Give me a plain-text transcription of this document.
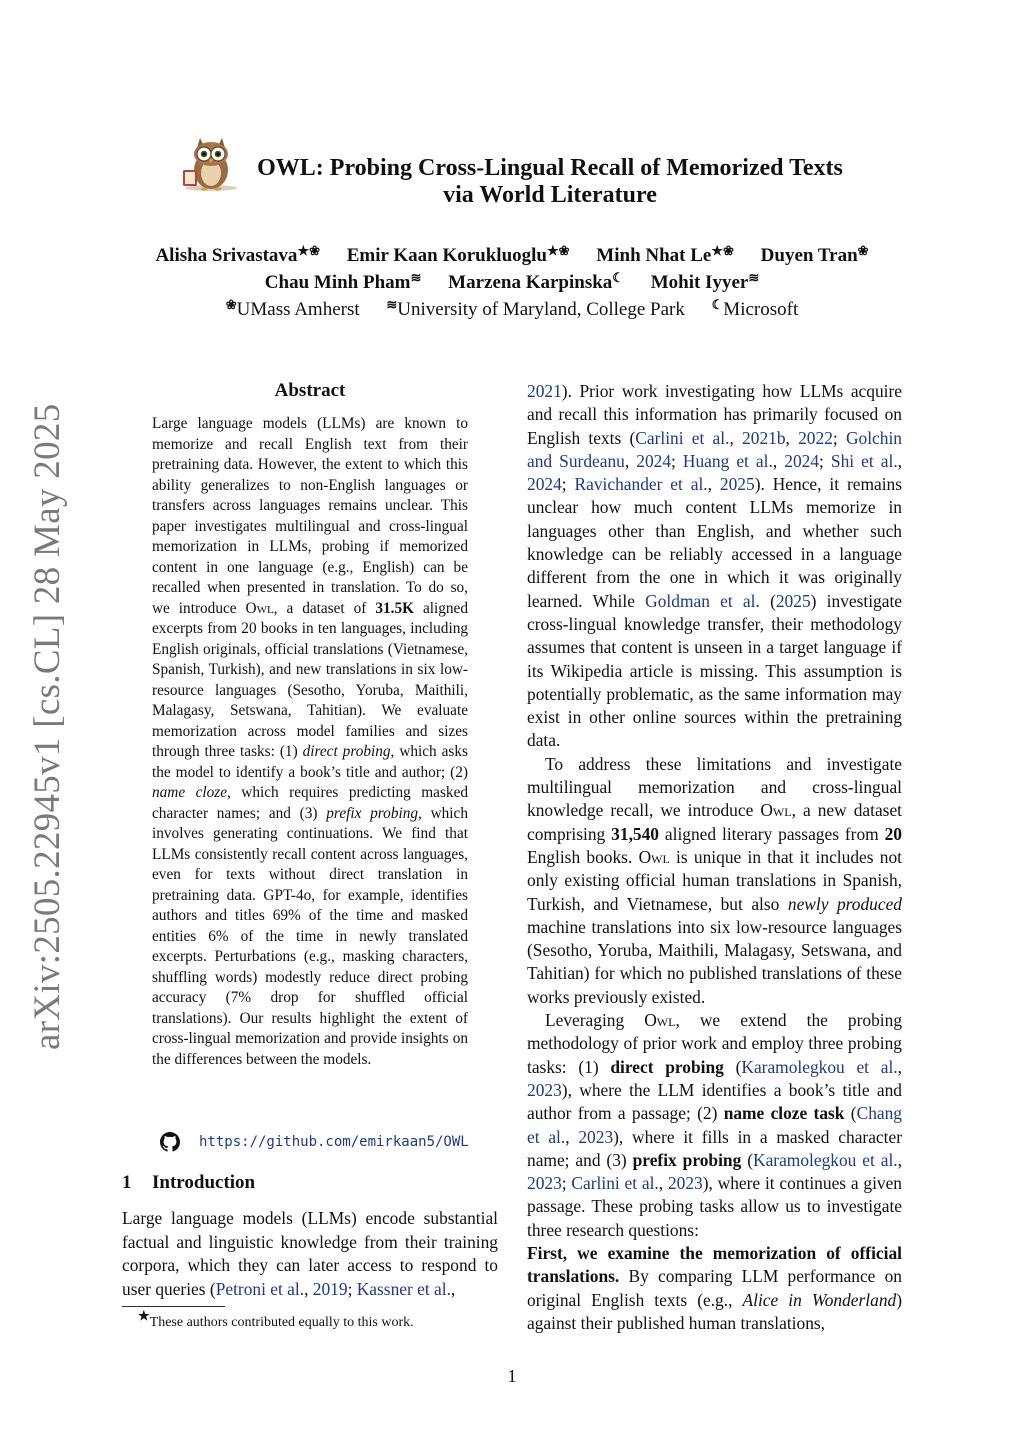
arXiv:2505.22945v1 [cs.CL] 28 May 2025
OWL: Probing Cross-Lingual Recall of Memorized Texts
via World Literature
Alisha Srivastava★❀ Emir Kaan Korukluoglu★❀ Minh Nhat Le★❀ Duyen Tran❀
Chau Minh Pham≋ Marzena Karpinska☾ Mohit Iyyer≋
❀UMass Amherst ≋University of Maryland, College Park ☾Microsoft
Abstract
Large language models (LLMs) are known to memorize and recall English text from their pretraining data. However, the extent to which this ability generalizes to non-English languages or transfers across languages remains unclear. This paper investigates multilingual and cross-lingual memorization in LLMs, probing if memorized content in one language (e.g., English) can be recalled when presented in translation. To do so, we introduce Owl, a dataset of 31.5K aligned excerpts from 20 books in ten languages, including English originals, official translations (Vietnamese, Spanish, Turkish), and new translations in six low-resource languages (Sesotho, Yoruba, Maithili, Malagasy, Setswana, Tahitian). We evaluate memorization across model families and sizes through three tasks: (1) direct probing, which asks the model to identify a book’s title and author; (2) name cloze, which requires predicting masked character names; and (3) prefix probing, which involves generating continuations. We find that LLMs consistently recall content across languages, even for texts without direct translation in pretraining data. GPT-4o, for example, identifies authors and titles 69% of the time and masked entities 6% of the time in newly translated excerpts. Perturbations (e.g., masking characters, shuffling words) modestly reduce direct probing accuracy (7% drop for shuffled official translations). Our results highlight the extent of cross-lingual memorization and provide insights on the differences between the models.
https://github.com/emirkaan5/OWL
1 Introduction
Large language models (LLMs) encode substantial factual and linguistic knowledge from their training corpora, which they can later access to respond to user queries (Petroni et al., 2019; Kassner et al.,
★These authors contributed equally to this work.

2021). Prior work investigating how LLMs acquire and recall this information has primarily focused on English texts (Carlini et al., 2021b, 2022; Golchin and Surdeanu, 2024; Huang et al., 2024; Shi et al., 2024; Ravichander et al., 2025). Hence, it remains unclear how much content LLMs memorize in languages other than English, and whether such knowledge can be reliably accessed in a language different from the one in which it was originally learned. While Goldman et al. (2025) investigate cross-lingual knowledge transfer, their methodology assumes that content is unseen in a target language if its Wikipedia article is missing. This assumption is potentially problematic, as the same information may exist in other online sources within the pretraining data.

To address these limitations and investigate multilingual memorization and cross-lingual knowledge recall, we introduce Owl, a new dataset comprising 31,540 aligned literary passages from 20 English books. Owl is unique in that it includes not only existing official human translations in Spanish, Turkish, and Vietnamese, but also newly produced machine translations into six low-resource languages (Sesotho, Yoruba, Maithili, Malagasy, Setswana, and Tahitian) for which no published translations of these works previously existed.

Leveraging Owl, we extend the probing methodology of prior work and employ three probing tasks: (1) direct probing (Karamolegkou et al., 2023), where the LLM identifies a book’s title and author from a passage; (2) name cloze task (Chang et al., 2023), where it fills in a masked character name; and (3) prefix probing (Karamolegkou et al., 2023; Carlini et al., 2023), where it continues a given passage. These probing tasks allow us to investigate three research questions:

First, we examine the memorization of official translations. By comparing LLM performance on original English texts (e.g., Alice in Wonderland) against their published human translations,

1
